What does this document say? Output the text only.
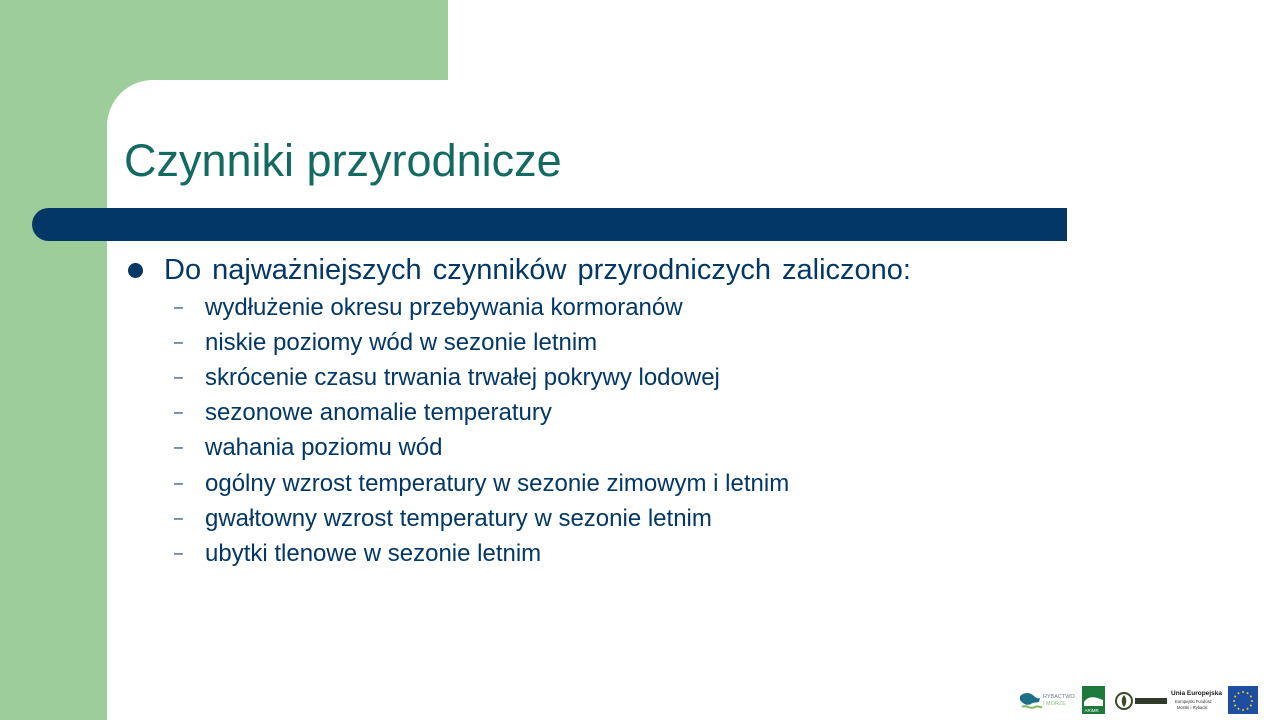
Czynniki przyrodnicze
Do najważniejszych czynników przyrodniczych zaliczono:
– wydłużenie okresu przebywania kormoranów
– niskie poziomy wód w sezonie letnim
– skrócenie czasu trwania trwałej pokrywy lodowej
– sezonowe anomalie temperatury
– wahania poziomu wód
– ogólny wzrost temperatury w sezonie zimowym i letnim
– gwałtowny wzrost temperatury w sezonie letnim
– ubytki tlenowe w sezonie letnim
RYBACTWO
I MORZE
ARiMR
Unia Europejska
Europejski Fundusz
Morski i Rybacki
